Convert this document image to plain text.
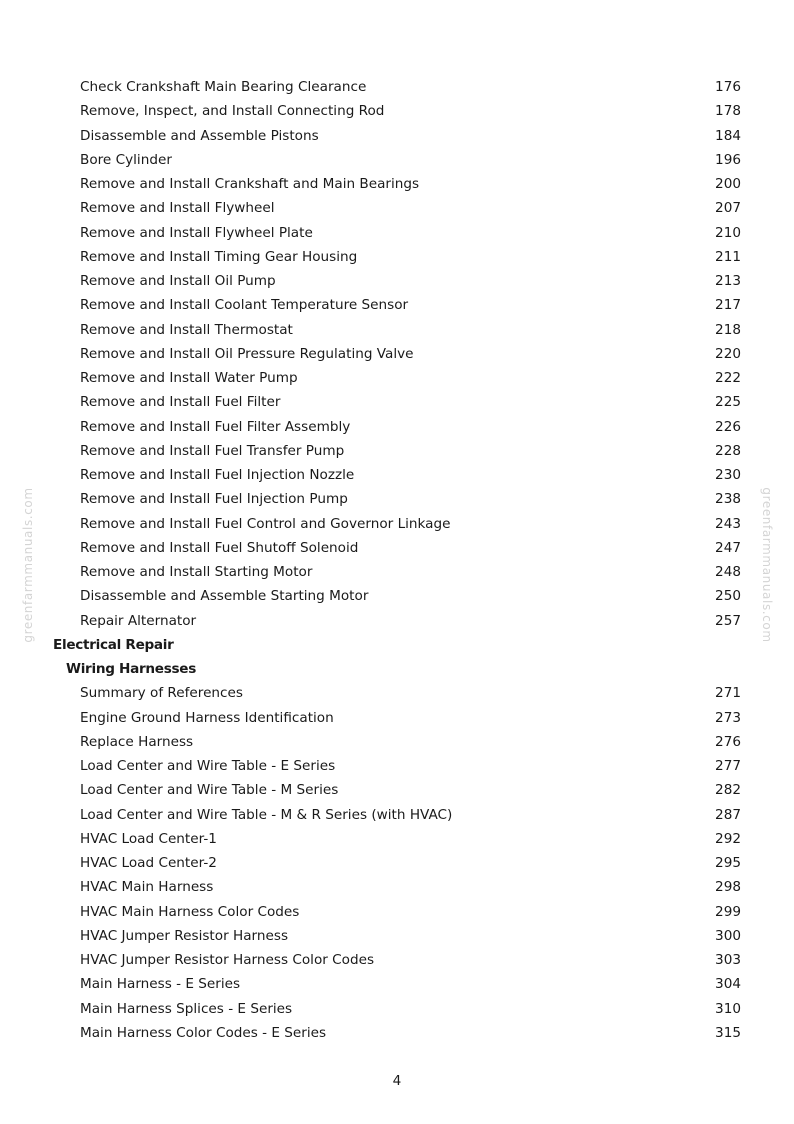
greenfarmmanuals.com	greenfarmmanuals.com
Check Crankshaft Main Bearing Clearance	176
Remove, Inspect, and Install Connecting Rod	178
Disassemble and Assemble Pistons	184
Bore Cylinder	196
Remove and Install Crankshaft and Main Bearings	200
Remove and Install Flywheel	207
Remove and Install Flywheel Plate	210
Remove and Install Timing Gear Housing	211
Remove and Install Oil Pump	213
Remove and Install Coolant Temperature Sensor	217
Remove and Install Thermostat	218
Remove and Install Oil Pressure Regulating Valve	220
Remove and Install Water Pump	222
Remove and Install Fuel Filter	225
Remove and Install Fuel Filter Assembly	226
Remove and Install Fuel Transfer Pump	228
Remove and Install Fuel Injection Nozzle	230
Remove and Install Fuel Injection Pump	238
Remove and Install Fuel Control and Governor Linkage	243
Remove and Install Fuel Shutoff Solenoid	247
Remove and Install Starting Motor	248
Disassemble and Assemble Starting Motor	250
Repair Alternator	257
Electrical Repair
Wiring Harnesses
Summary of References	271
Engine Ground Harness Identification	273
Replace Harness	276
Load Center and Wire Table - E Series	277
Load Center and Wire Table - M Series	282
Load Center and Wire Table - M & R Series (with HVAC)	287
HVAC Load Center-1	292
HVAC Load Center-2	295
HVAC Main Harness	298
HVAC Main Harness Color Codes	299
HVAC Jumper Resistor Harness	300
HVAC Jumper Resistor Harness Color Codes	303
Main Harness - E Series	304
Main Harness Splices - E Series	310
Main Harness Color Codes - E Series	315
4
